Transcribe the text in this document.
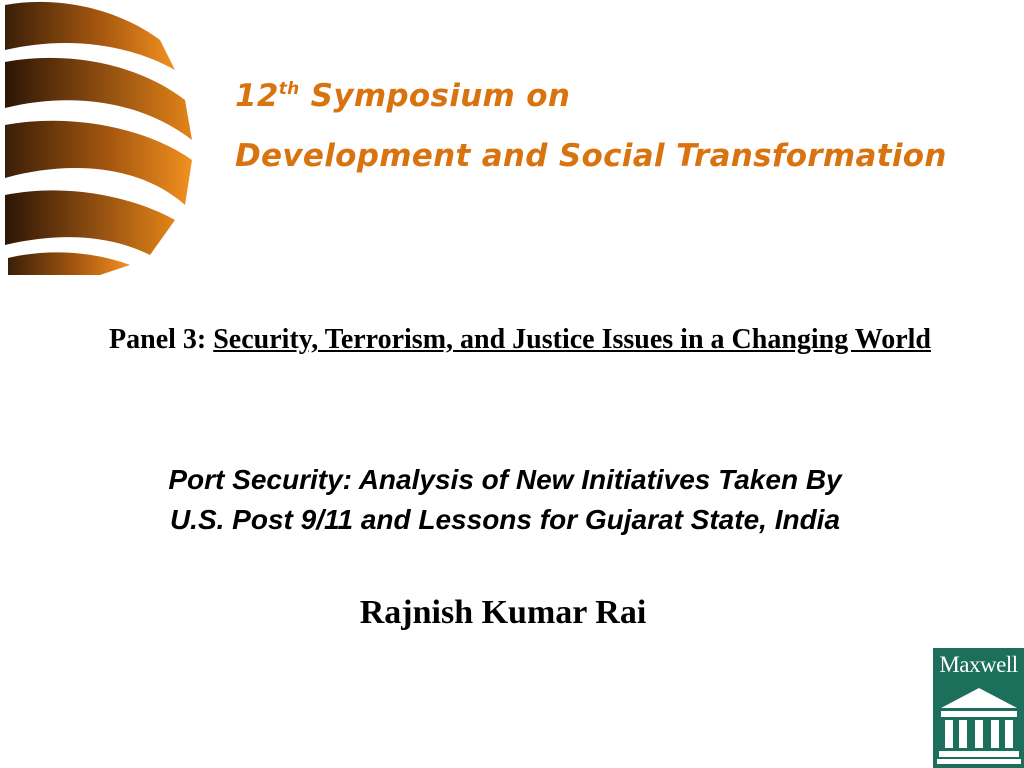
12th Symposium on
Development and Social Transformation
Panel 3: Security, Terrorism, and Justice Issues in a Changing World
Port Security: Analysis of New Initiatives Taken By
U.S. Post 9/11 and Lessons for Gujarat State, India
Rajnish Kumar Rai
Maxwell
